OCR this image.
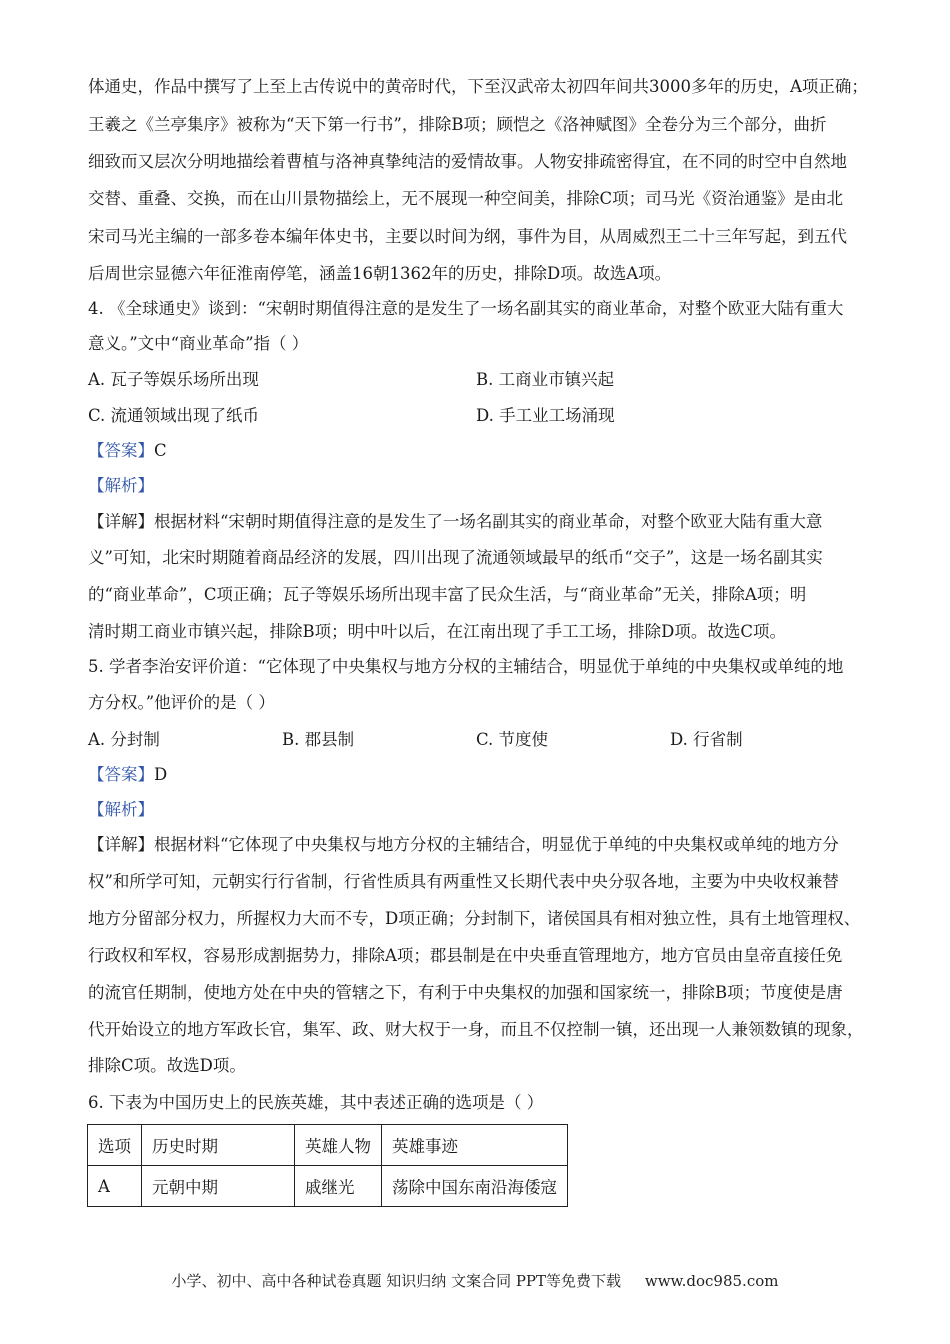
体通史，作品中撰写了上至上古传说中的黄帝时代，下至汉武帝太初四年间共3000多年的历史，A项正确；
王羲之《兰亭集序》被称为“天下第一行书”，排除B项；顾恺之《洛神赋图》全卷分为三个部分，曲折
细致而又层次分明地描绘着曹植与洛神真挚纯洁的爱情故事。人物安排疏密得宜，在不同的时空中自然地
交替、重叠、交换，而在山川景物描绘上，无不展现一种空间美，排除C项；司马光《资治通鉴》是由北
宋司马光主编的一部多卷本编年体史书，主要以时间为纲，事件为目，从周威烈王二十三年写起，到五代
后周世宗显德六年征淮南停笔，涵盖16朝1362年的历史，排除D项。故选A项。
4. 《全球通史》谈到：“宋朝时期值得注意的是发生了一场名副其实的商业革命，对整个欧亚大陆有重大
意义。”文中“商业革命”指（ ）
A. 瓦子等娱乐场所出现	B. 工商业市镇兴起
C. 流通领域出现了纸币	D. 手工业工场涌现
【答案】C
【解析】
【详解】根据材料“宋朝时期值得注意的是发生了一场名副其实的商业革命，对整个欧亚大陆有重大意
义”可知，北宋时期随着商品经济的发展，四川出现了流通领域最早的纸币“交子”，这是一场名副其实
的“商业革命”，C项正确；瓦子等娱乐场所出现丰富了民众生活，与“商业革命”无关，排除A项；明
清时期工商业市镇兴起，排除B项；明中叶以后，在江南出现了手工工场，排除D项。故选C项。
5. 学者李治安评价道：“它体现了中央集权与地方分权的主辅结合，明显优于单纯的中央集权或单纯的地
方分权。”他评价的是（ ）
A. 分封制	B. 郡县制	C. 节度使	D. 行省制
【答案】D
【解析】
【详解】根据材料“它体现了中央集权与地方分权的主辅结合，明显优于单纯的中央集权或单纯的地方分
权”和所学可知，元朝实行行省制，行省性质具有两重性又长期代表中央分驭各地，主要为中央收权兼替
地方分留部分权力，所握权力大而不专，D项正确；分封制下，诸侯国具有相对独立性，具有土地管理权、
行政权和军权，容易形成割据势力，排除A项；郡县制是在中央垂直管理地方，地方官员由皇帝直接任免
的流官任期制，使地方处在中央的管辖之下，有利于中央集权的加强和国家统一，排除B项；节度使是唐
代开始设立的地方军政长官，集军、政、财大权于一身，而且不仅控制一镇，还出现一人兼领数镇的现象，
排除C项。故选D项。
6. 下表为中国历史上的民族英雄，其中表述正确的选项是（ ）
选项	历史时期	英雄人物	英雄事迹
A	元朝中期	戚继光	荡除中国东南沿海倭寇
小学、初中、高中各种试卷真题 知识归纳 文案合同 PPT等免费下载 www.doc985.com
